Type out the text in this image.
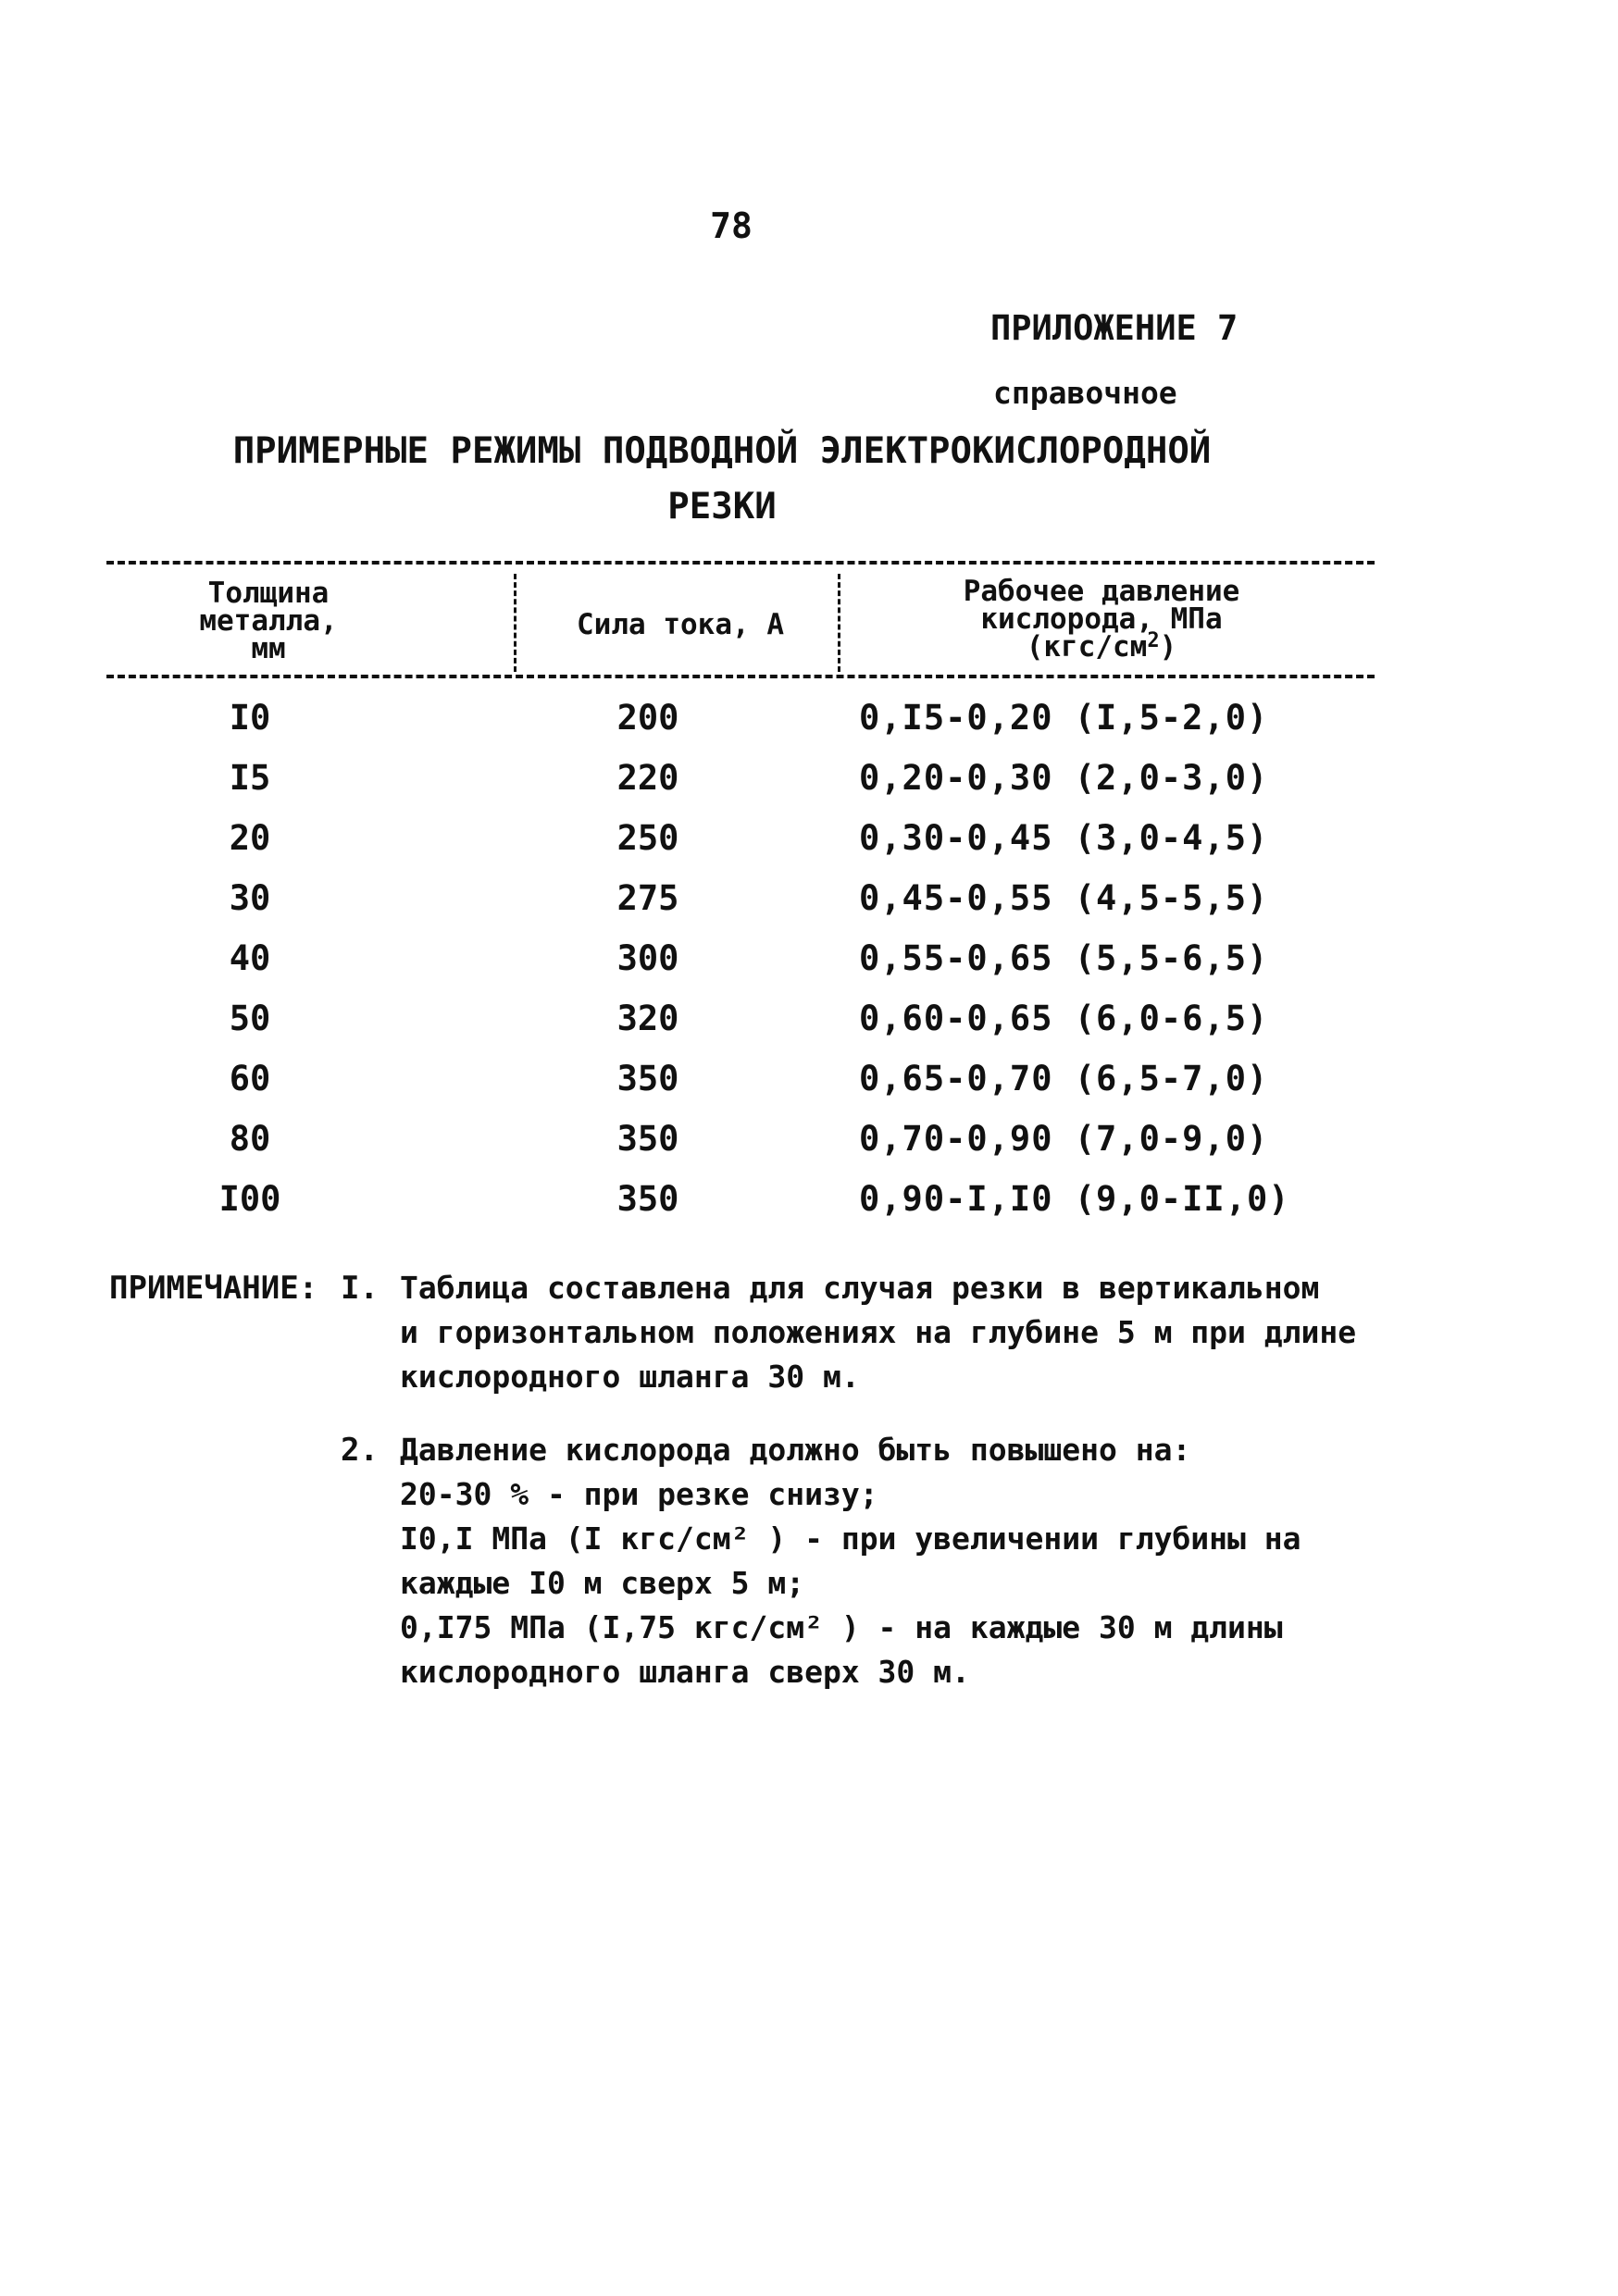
78
ПРИЛОЖЕНИЕ 7
справочное
ПРИМЕРНЫЕ РЕЖИМЫ ПОДВОДНОЙ ЭЛЕКТРОКИСЛОРОДНОЙ
РЕЗКИ
Толщина
металла,
мм
Сила тока, А
Рабочее давление
кислорода, МПа
$(кгс/см^2)$
I0	200	0,I5-0,20 (I,5-2,0)
I5	220	0,20-0,30 (2,0-3,0)
20	250	0,30-0,45 (3,0-4,5)
30	275	0,45-0,55 (4,5-5,5)
40	300	0,55-0,65 (5,5-6,5)
50	320	0,60-0,65 (6,0-6,5)
60	350	0,65-0,70 (6,5-7,0)
80	350	0,70-0,90 (7,0-9,0)
I00	350	0,90-I,I0 (9,0-II,0)
ПРИМЕЧАНИЕ: I. Таблица составлена для случая резки в вертикальном
и горизонтальном положениях на глубине 5 м при длине
кислородного шланга 30 м.
2. Давление кислорода должно быть повышено на:
20-30 % - при резке снизу;
I0,I МПа (I кгс/см² ) - при увеличении глубины на
каждые I0 м сверх 5 м;
0,I75 МПа (I,75 кгс/см² ) - на каждые 30 м длины
кислородного шланга сверх 30 м.
